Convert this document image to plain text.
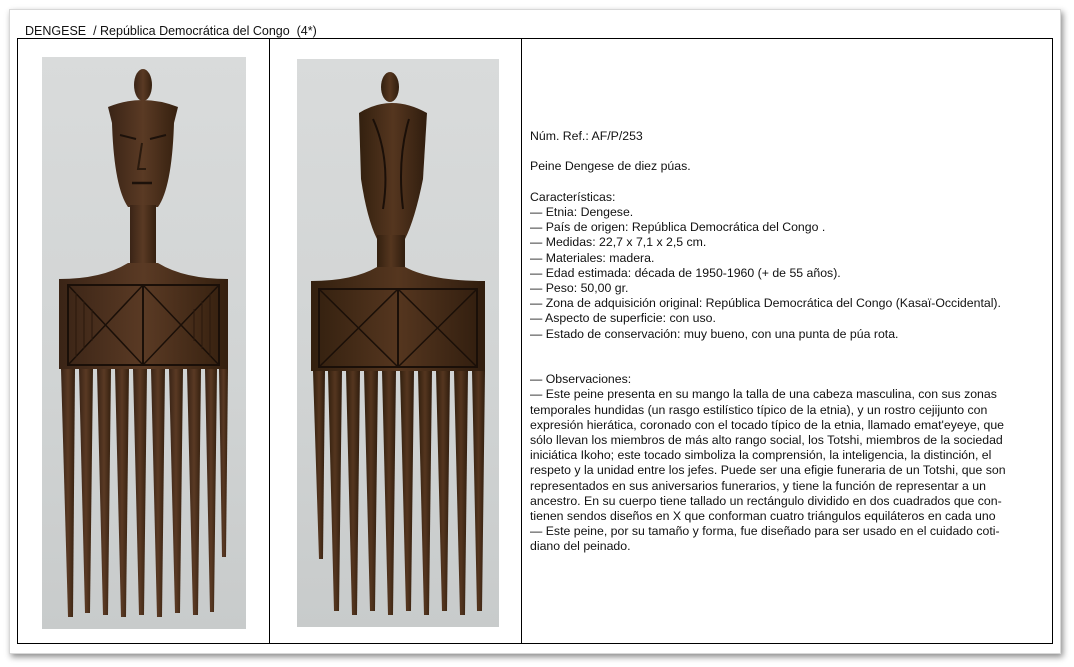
DENGESE  / República Democrática del Congo  (4*)

Núm. Ref.: AF/P/253

Peine Dengese de diez púas.

Características:

— Etnia: Dengese.

— País de origen: República Democrática del Congo .

— Medidas: 22,7 x 7,1 x 2,5 cm.

— Materiales: madera.

— Edad estimada: década de 1950-1960 (+ de 55 años).

— Peso: 50,00 gr.

— Zona de adquisición original: República Democrática del Congo (Kasaï-Occidental).

— Aspecto de superficie: con uso.

— Estado de conservación: muy bueno, con una punta de púa rota.

— Observaciones:

— Este peine presenta en su mango la talla de una cabeza masculina, con sus zonas

temporales hundidas (un rasgo estilístico típico de la etnia), y un rostro cejijunto con

expresión hierática, coronado con el tocado típico de la etnia, llamado emat'eyeye, que

sólo llevan los miembros de más alto rango social, los Totshi, miembros de la sociedad

iniciática Ikoho; este tocado simboliza la comprensión, la inteligencia, la distinción, el

respeto y la unidad entre los jefes. Puede ser una efigie funeraria de un Totshi, que son

representados en sus aniversarios funerarios, y tiene la función de representar a un

ancestro. En su cuerpo tiene tallado un rectángulo dividido en dos cuadrados que con-

tienen sendos diseños en X que conforman cuatro triángulos equiláteros en cada uno

— Este peine, por su tamaño y forma, fue diseñado para ser usado en el cuidado coti-

diano del peinado.
